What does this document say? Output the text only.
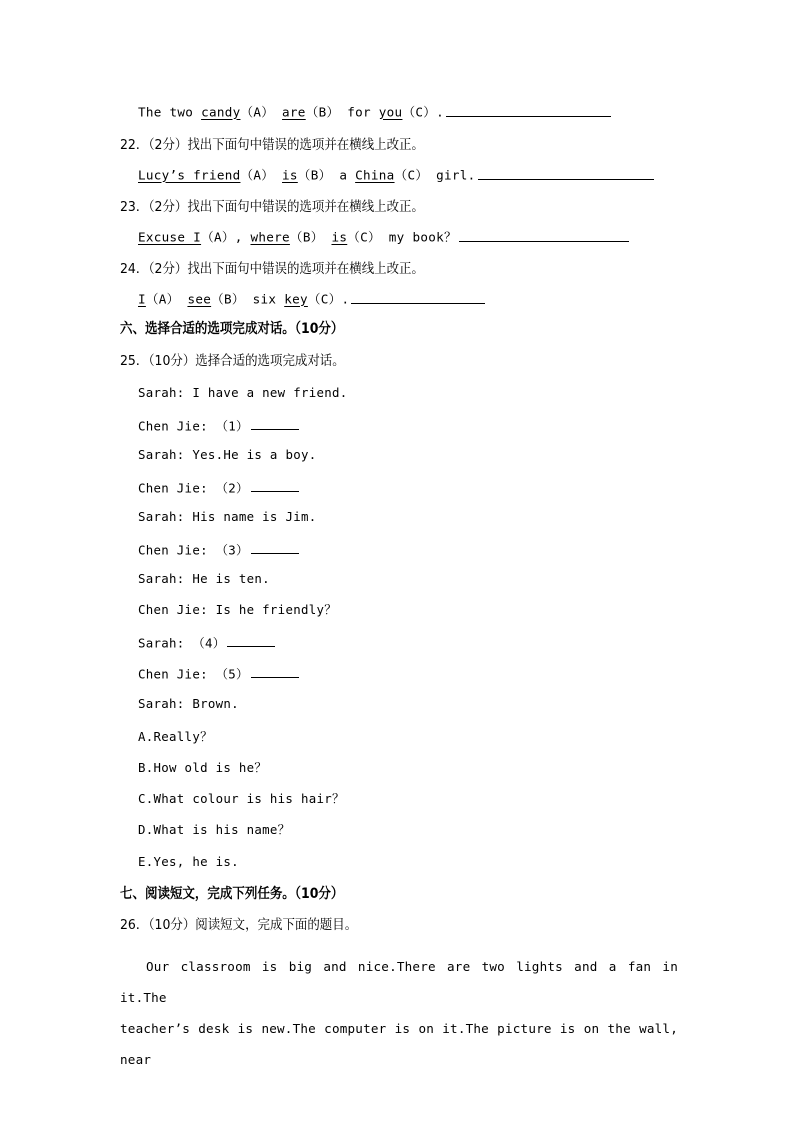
The two candy（A） are（B） for you（C）.
22．（2分）找出下面句中错误的选项并在横线上改正。
Lucy’s friend（A） is（B） a China（C） girl.
23．（2分）找出下面句中错误的选项并在横线上改正。
Excuse I（A）, where（B） is（C） my book？
24．（2分）找出下面句中错误的选项并在横线上改正。
I（A） see（B） six key（C）.
六、选择合适的选项完成对话。（10分）
25．（10分）选择合适的选项完成对话。
Sarah: I have a new friend.
Chen Jie: （1）
Sarah: Yes.He is a boy.
Chen Jie: （2）
Sarah: His name is Jim.
Chen Jie: （3）
Sarah: He is ten.
Chen Jie: Is he friendly？
Sarah: （4）
Chen Jie: （5）
Sarah: Brown.
A.Really？
B.How old is he？
C.What colour is his hair？
D.What is his name？
E.Yes, he is.
七、阅读短文，完成下列任务。（10分）
26．（10分）阅读短文，完成下面的题目。
Our classroom is big and nice.There are two lights and a fan in it.The
teacher’s desk is new.The computer is on it.The picture is on the wall, near
